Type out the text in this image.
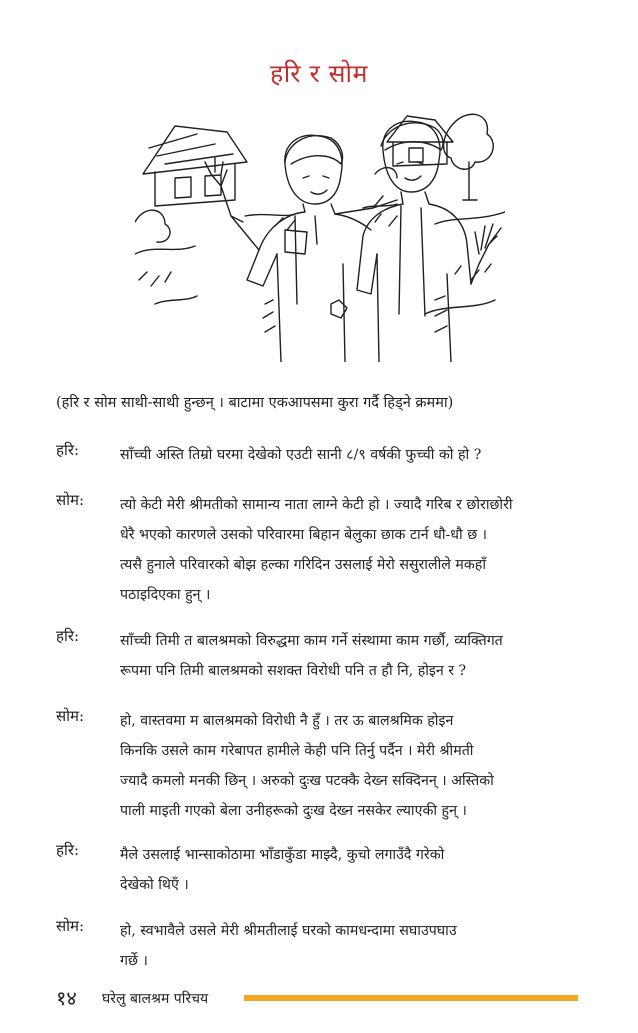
हरि र सोम
(हरि र सोम साथी-साथी हुन्छन् । बाटामा एकआपसमा कुरा गर्दै हिड्ने क्रममा)
हरि:	साँच्ची अस्ति तिम्रो घरमा देखेको एउटी सानी ८/९ वर्षकी फुच्ची को हो ?
सोम:	त्यो केटी मेरी श्रीमतीको सामान्य नाता लाग्ने केटी हो । ज्यादै गरिब र छोराछोरी
धेरै भएको कारणले उसको परिवारमा बिहान बेलुका छाक टार्न धौ-धौ छ ।
त्यसै हुनाले परिवारको बोझ हल्का गरिदिन उसलाई मेरो ससुरालीले मकहाँ
पठाइदिएका हुन् ।
हरि:	साँच्ची तिमी त बालश्रमको विरुद्धमा काम गर्ने संस्थामा काम गर्छौ, व्यक्तिगत
रूपमा पनि तिमी बालश्रमको सशक्त विरोधी पनि त हौ नि, होइन र ?
सोम:	हो, वास्तवमा म बालश्रमको विरोधी नै हुँ । तर ऊ बालश्रमिक होइन
किनकि उसले काम गरेबापत हामीले केही पनि तिर्नु पर्दैन । मेरी श्रीमती
ज्यादै कमलो मनकी छिन् । अरुको दुःख पटक्कै देख्न सक्दिनन् । अस्तिको
पाली माइती गएको बेला उनीहरूको दुःख देख्न नसकेर ल्याएकी हुन् ।
हरि:	मैले उसलाई भान्साकोठामा भाँडाकुँडा माझ्दै, कुचो लगाउँदै गरेको
देखेको थिएँ ।
सोम:	हो, स्वभावैले उसले मेरी श्रीमतीलाई घरको कामधन्दामा सघाउपघाउ
गर्छे ।
१४ घरेलु बालश्रम परिचय
